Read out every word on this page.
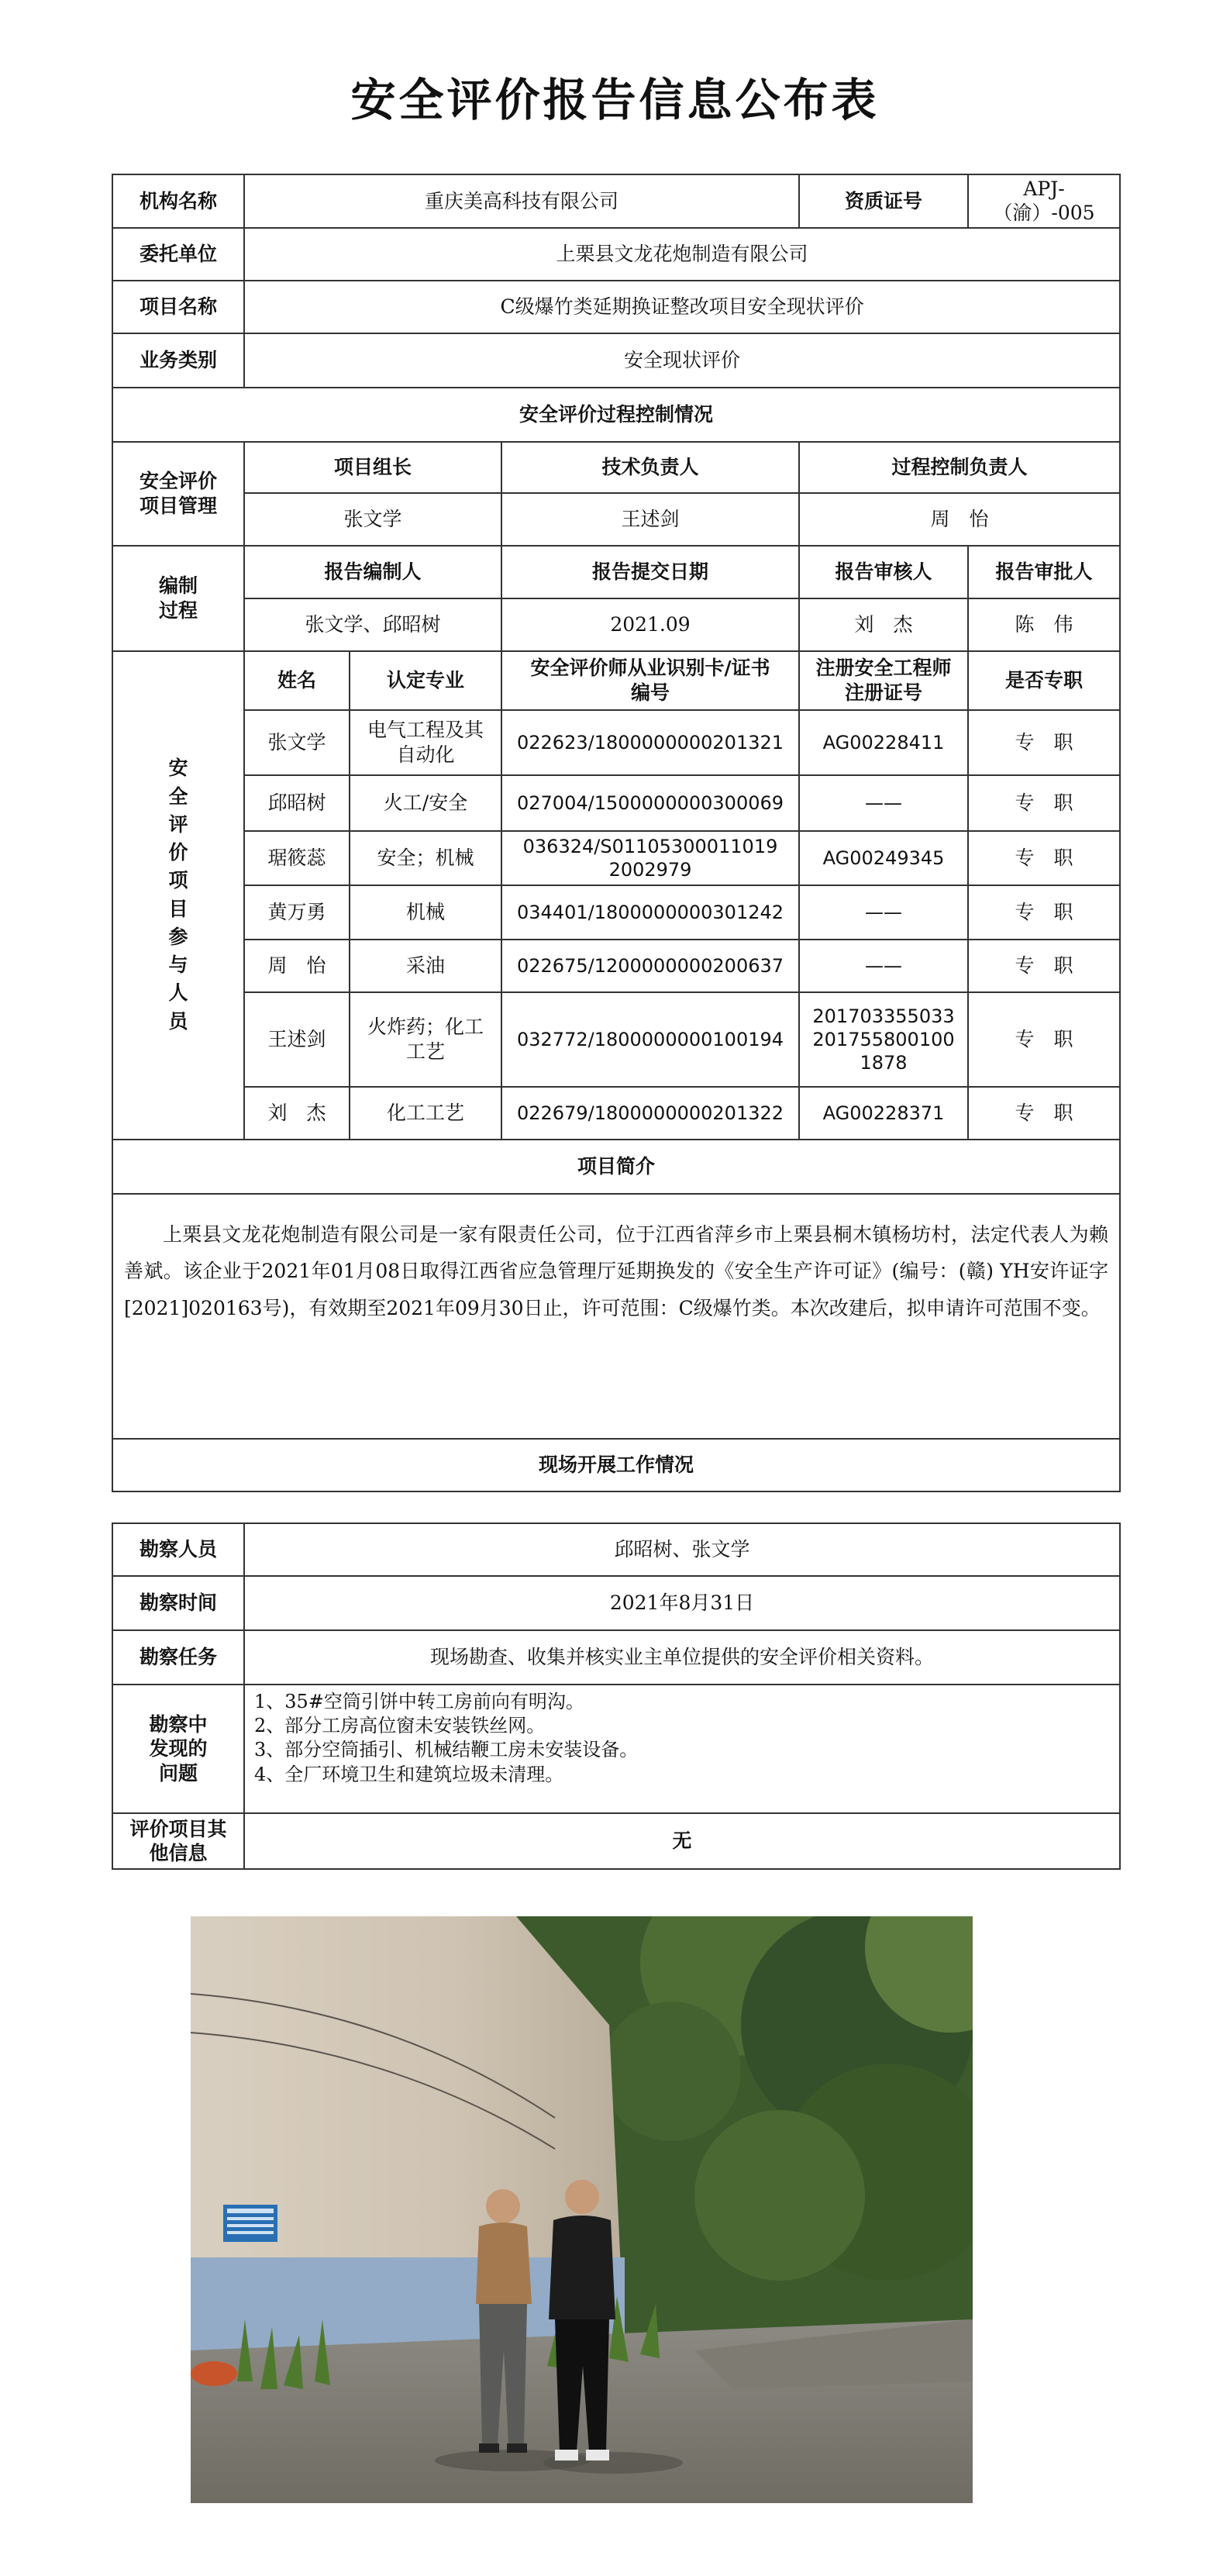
安全评价报告信息公布表
机构名称	重庆美高科技有限公司			资质证号	APJ-（渝）-005
委托单位	上栗县文龙花炮制造有限公司				
项目名称	C级爆竹类延期换证整改项目安全现状评价				
业务类别	安全现状评价				
安全评价过程控制情况					
安全评价项目管理	项目组长		技术负责人	过程控制负责人	
	张文学		王述剑	周　怡	
编制过程	报告编制人		报告提交日期	报告审核人	报告审批人
	张文学、邱昭树		2021.09	刘　杰	陈　伟
安全评价项目参与人员	姓名	认定专业	安全评价师从业识别卡/证书编号	注册安全工程师注册证号	是否专职
	张文学	电气工程及其自动化	022623/1800000000201321	AG00228411	专　职
	邱昭树	火工/安全	027004/1500000000300069	——	专　职
	琚筱蕊	安全；机械	036324/S011053000110192002979	AG00249345	专　职
	黄万勇	机械	034401/1800000000301242	——	专　职
	周　怡	采油	022675/1200000000200637	——	专　职
	王述剑	火炸药；化工工艺	032772/1800000000100194	2017033550332017558001001878	专　职
	刘　杰	化工工艺	022679/1800000000201322	AG00228371	专　职
项目简介					
上栗县文龙花炮制造有限公司是一家有限责任公司，位于江西省萍乡市上栗县桐木镇杨坊村，法定代表人为赖善斌。该企业于2021年01月08日取得江西省应急管理厅延期换发的《安全生产许可证》(编号：(赣) YH安许证字[2021]020163号)，有效期至2021年09月30日止，许可范围：C级爆竹类。本次改建后，拟申请许可范围不变。					
现场开展工作情况					
勘察人员	邱昭树、张文学
勘察时间	2021年8月31日
勘察任务	现场勘查、收集并核实业主单位提供的安全评价相关资料。
勘察中发现的问题	1、35#空筒引饼中转工房前向有明沟。
2、部分工房高位窗未安装铁丝网。
3、部分空筒插引、机械结鞭工房未安装设备。
4、全厂环境卫生和建筑垃圾未清理。

评价项目其他信息	无
